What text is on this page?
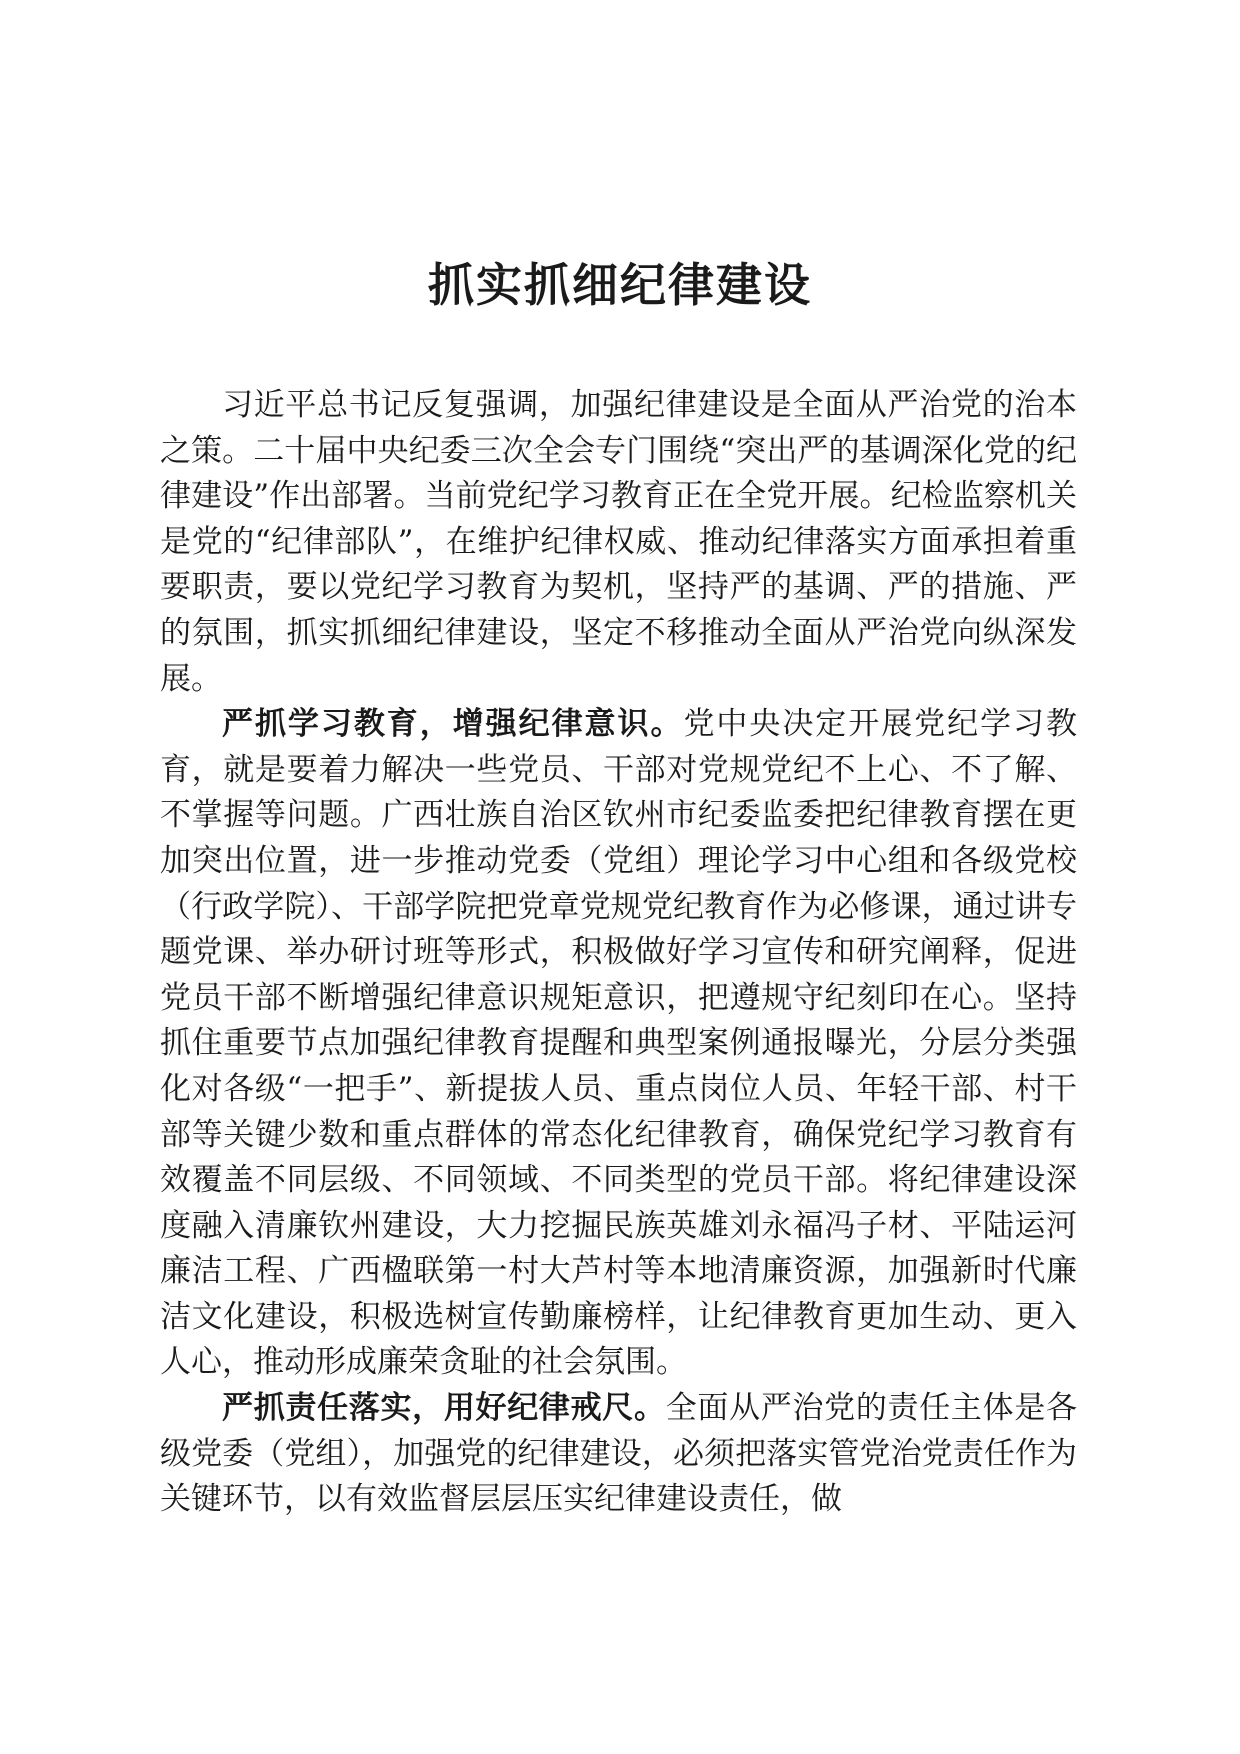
抓实抓细纪律建设

习近平总书记反复强调，加强纪律建设是全面从严治党的治本之策。二十届中央纪委三次全会专门围绕“突出严的基调深化党的纪律建设”作出部署。当前党纪学习教育正在全党开展。纪检监察机关是党的“纪律部队”，在维护纪律权威、推动纪律落实方面承担着重要职责，要以党纪学习教育为契机，坚持严的基调、严的措施、严的氛围，抓实抓细纪律建设，坚定不移推动全面从严治党向纵深发展。

严抓学习教育，增强纪律意识。党中央决定开展党纪学习教育，就是要着力解决一些党员、干部对党规党纪不上心、不了解、不掌握等问题。广西壮族自治区钦州市纪委监委把纪律教育摆在更加突出位置，进一步推动党委（党组）理论学习中心组和各级党校（行政学院）、干部学院把党章党规党纪教育作为必修课，通过讲专题党课、举办研讨班等形式，积极做好学习宣传和研究阐释，促进党员干部不断增强纪律意识规矩意识，把遵规守纪刻印在心。坚持抓住重要节点加强纪律教育提醒和典型案例通报曝光，分层分类强化对各级“一把手”、新提拔人员、重点岗位人员、年轻干部、村干部等关键少数和重点群体的常态化纪律教育，确保党纪学习教育有效覆盖不同层级、不同领域、不同类型的党员干部。将纪律建设深度融入清廉钦州建设，大力挖掘民族英雄刘永福冯子材、平陆运河廉洁工程、广西楹联第一村大芦村等本地清廉资源，加强新时代廉洁文化建设，积极选树宣传勤廉榜样，让纪律教育更加生动、更入人心，推动形成廉荣贪耻的社会氛围。

严抓责任落实，用好纪律戒尺。全面从严治党的责任主体是各级党委（党组），加强党的纪律建设，必须把落实管党治党责任作为关键环节，以有效监督层层压实纪律建设责任，做
